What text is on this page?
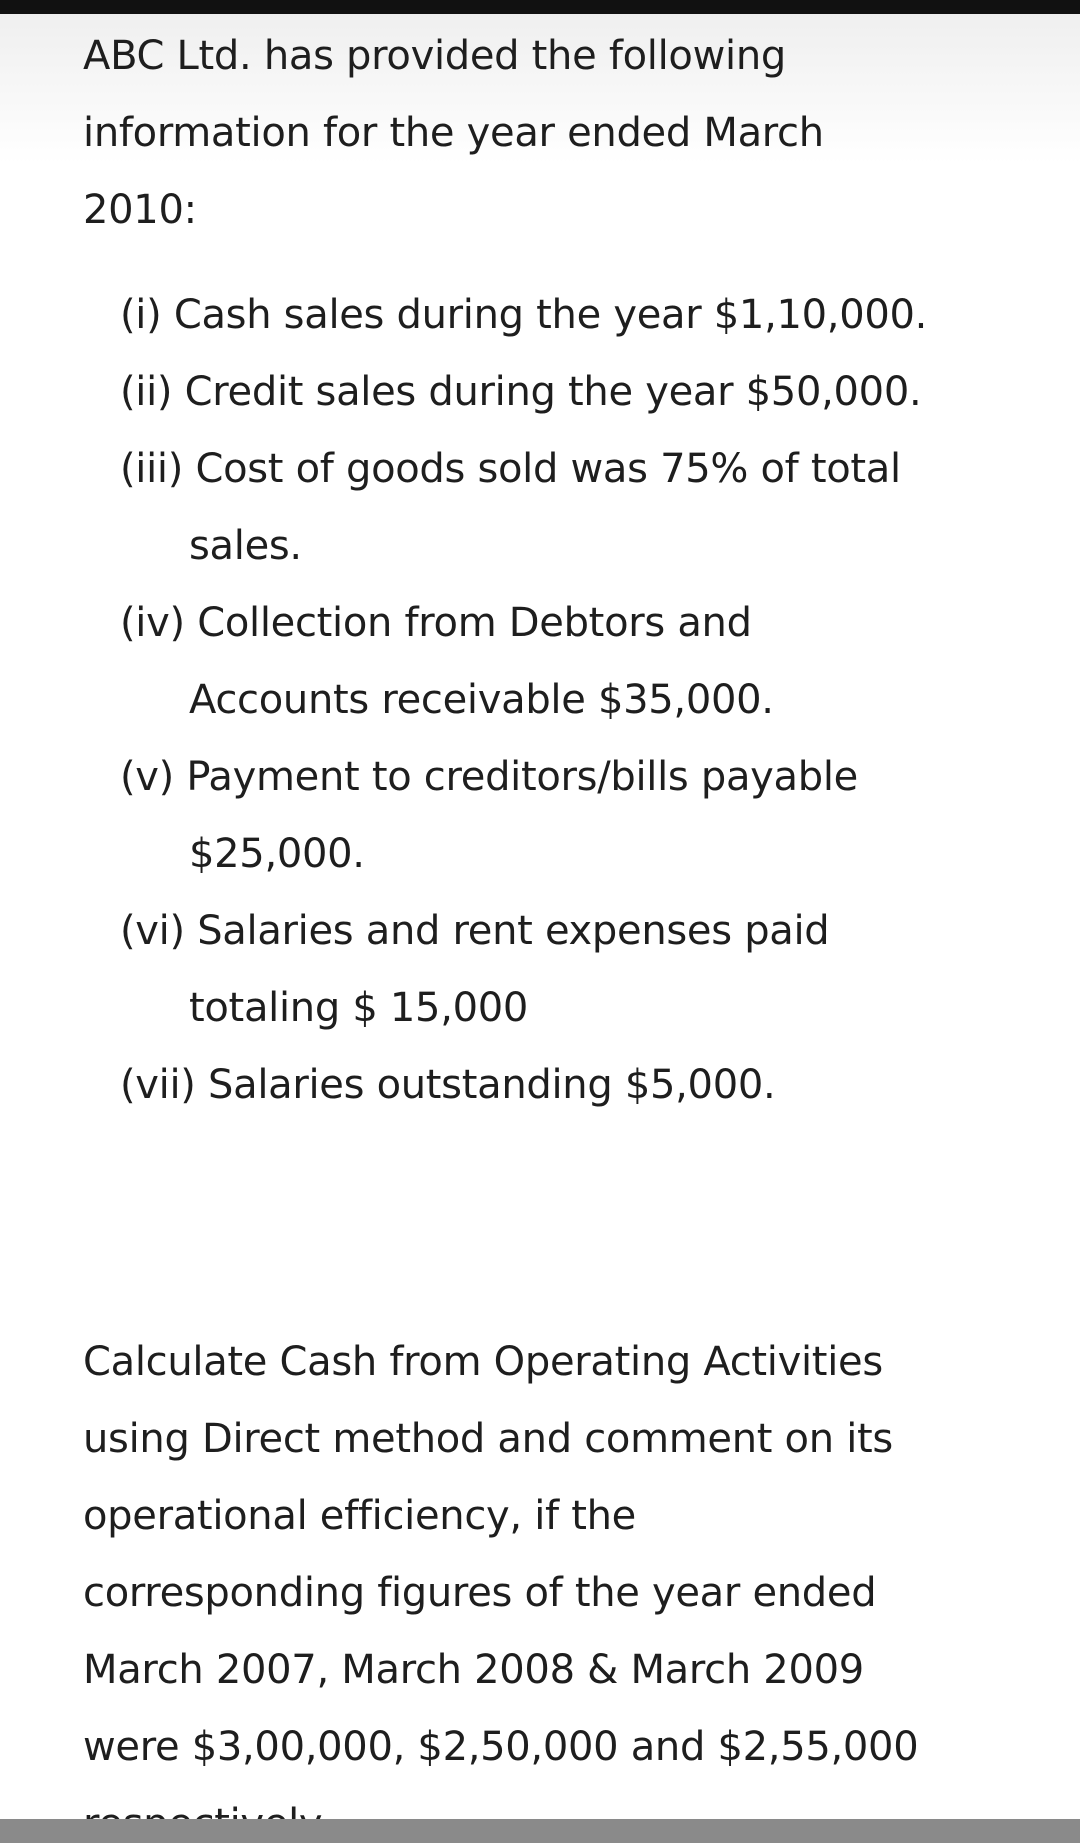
ABC Ltd. has provided the following
information for the year ended March
2010:
(i) Cash sales during the year $1,10,000.
(ii) Credit sales during the year $50,000.
(iii) Cost of goods sold was 75% of total
sales.
(iv) Collection from Debtors and
Accounts receivable $35,000.
(v) Payment to creditors/bills payable
$25,000.
(vi) Salaries and rent expenses paid
totaling $ 15,000
(vii) Salaries outstanding $5,000.
Calculate Cash from Operating Activities
using Direct method and comment on its
operational efficiency, if the
corresponding figures of the year ended
March 2007, March 2008 & March 2009
were $3,00,000, $2,50,000 and $2,55,000
